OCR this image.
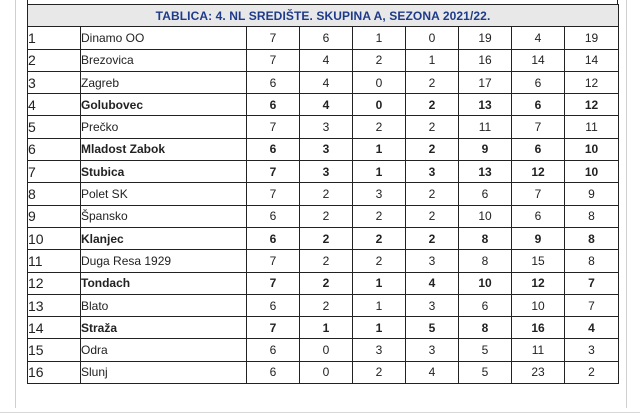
TABLICA: 4. NL SREDIŠTE. SKUPINA A, SEZONA 2021/22.								
1	Dinamo OO	7	6	1	0	19	4	19
2	Brezovica	7	4	2	1	16	14	14
3	Zagreb	6	4	0	2	17	6	12
4	Golubovec	6	4	0	2	13	6	12
5	Prečko	7	3	2	2	11	7	11
6	Mladost Zabok	6	3	1	2	9	6	10
7	Stubica	7	3	1	3	13	12	10
8	Polet SK	7	2	3	2	6	7	9
9	Špansko	6	2	2	2	10	6	8
10	Klanjec	6	2	2	2	8	9	8
11	Duga Resa 1929	7	2	2	3	8	15	8
12	Tondach	7	2	1	4	10	12	7
13	Blato	6	2	1	3	6	10	7
14	Straža	7	1	1	5	8	16	4
15	Odra	6	0	3	3	5	11	3
16	Slunj	6	0	2	4	5	23	2
